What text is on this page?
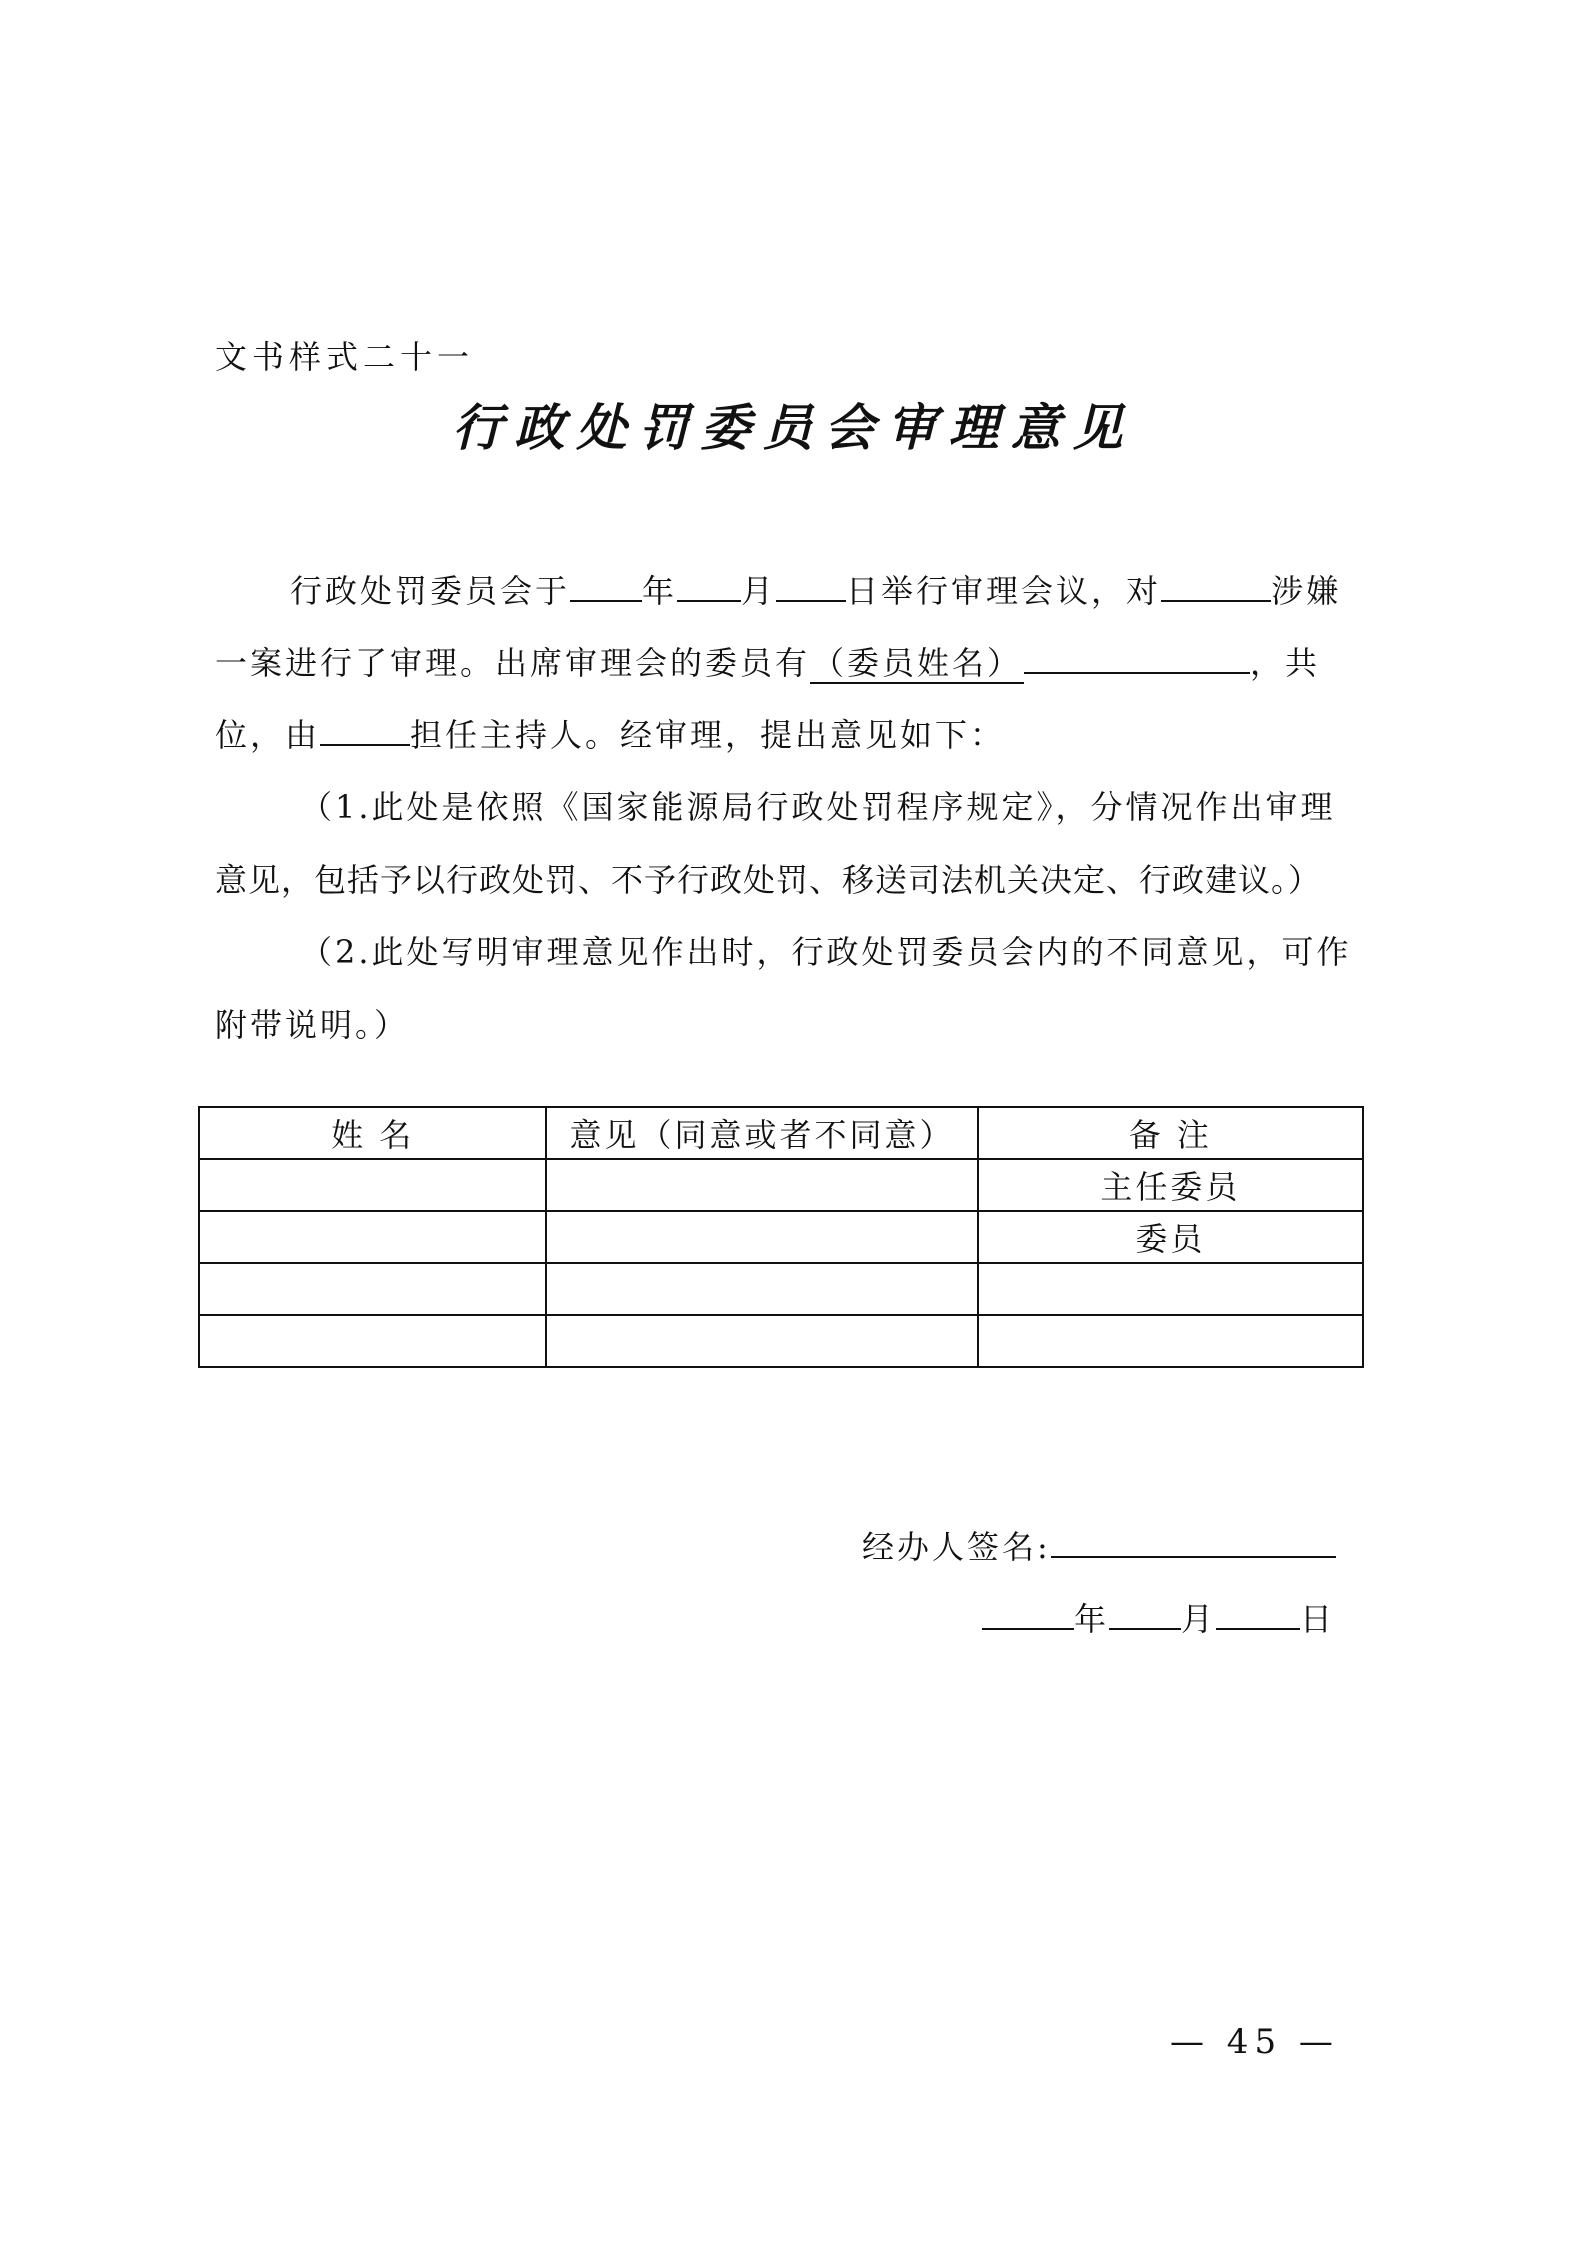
文书样式二十一
行政处罚委员会审理意见
行政处罚委员会于 年 月 日举行审理会议，对	涉嫌
一案进行了审理。出席审理会的委员有（委员姓名）	，共
位，由	担任主持人。经审理，提出意见如下：
（1.此处是依照《国家能源局行政处罚程序规定》，分情况作出审理
意见，包括予以行政处罚、不予行政处罚、移送司法机关决定、行政建议。）
（2.此处写明审理意见作出时，行政处罚委员会内的不同意见，可作
附带说明。）
姓 名	意见（同意或者不同意）	备 注
		主任委员
		委员

经办人签名:
年 月	日
— 45 —
